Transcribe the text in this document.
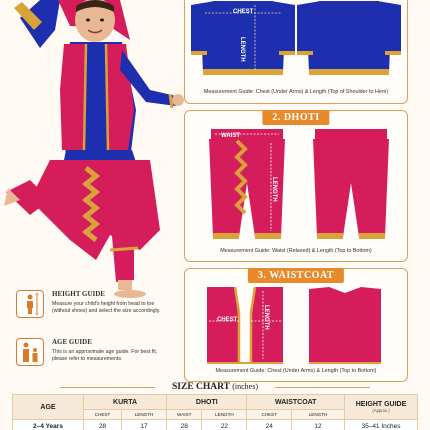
CHEST
LENGTH
Measurement Guide: Chest (Under Arms) & Length (Top of Shoulder to Hem)
2. DHOTI
WAIST
LENGTH
Measurement Guide: Waist (Relaxed) & Length (Top to Bottom)
3. WAISTCOAT
CHEST	LENGTH
Measurement Guide: Chest (Under Arms) & Length (Top to Bottom)
HEIGHT GUIDE
Measure your child's height from head to toe (without shoes) and select the size accordingly.
AGE GUIDE
This is an approximate age guide. For best fit, please refer to measurements.
SIZE CHART (inches)
AGE	KURTA		DHOTI		WAISTCOAT		HEIGHT GUIDE
(Approx.)

	CHEST	LENGTH	WAIST	LENGTH	CHEST	LENGTH	
2–4 Years	28	17	28	22	24	12	35–41 Inches
